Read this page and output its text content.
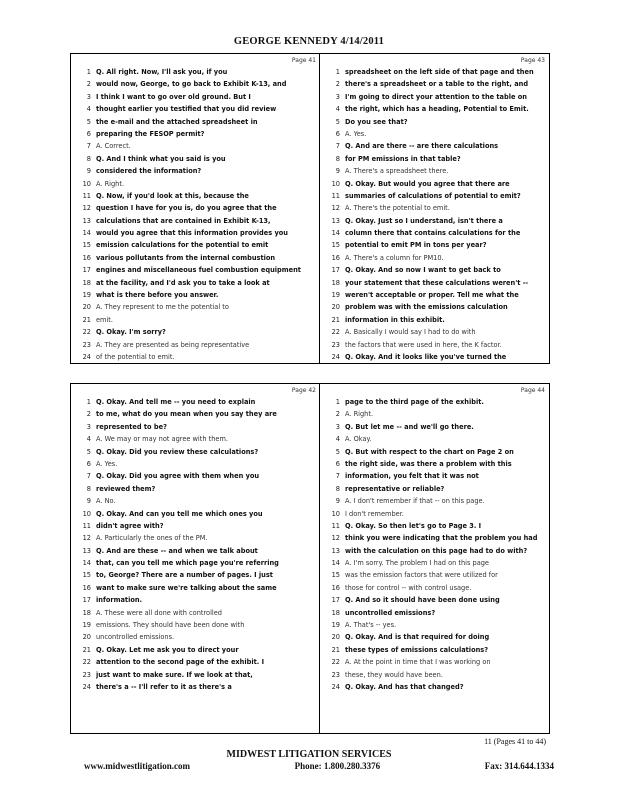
GEORGE KENNEDY 4/14/2011
Page 41
1 Q. All right. Now, I'll ask you, if you
2 would now, George, to go back to Exhibit K-13, and
3 I think I want to go over old ground. But I
4 thought earlier you testified that you did review
5 the e-mail and the attached spreadsheet in
6 preparing the FESOP permit?
7 A. Correct.
8 Q. And I think what you said is you
9 considered the information?
10 A. Right.
11 Q. Now, if you'd look at this, because the
12 question I have for you is, do you agree that the
13 calculations that are contained in Exhibit K-13,
14 would you agree that this information provides you
15 emission calculations for the potential to emit
16 various pollutants from the internal combustion
17 engines and miscellaneous fuel combustion equipment
18 at the facility, and I'd ask you to take a look at
19 what is there before you answer.
20 A. They represent to me the potential to
21 emit.
22 Q. Okay. I'm sorry?
23 A. They are presented as being representative
24 of the potential to emit.
Page 43
1 spreadsheet on the left side of that page and then
2 there's a spreadsheet or a table to the right, and
3 I'm going to direct your attention to the table on
4 the right, which has a heading, Potential to Emit.
5 Do you see that?
6 A. Yes.
7 Q. And are there -- are there calculations
8 for PM emissions in that table?
9 A. There's a spreadsheet there.
10 Q. Okay. But would you agree that there are
11 summaries of calculations of potential to emit?
12 A. There's the potential to emit.
13 Q. Okay. Just so I understand, isn't there a
14 column there that contains calculations for the
15 potential to emit PM in tons per year?
16 A. There's a column for PM10.
17 Q. Okay. And so now I want to get back to
18 your statement that these calculations weren't --
19 weren't acceptable or proper. Tell me what the
20 problem was with the emissions calculation
21 information in this exhibit.
22 A. Basically I would say I had to do with
23 the factors that were used in here, the K factor.
24 Q. Okay. And it looks like you've turned the
Page 42
1 Q. Okay. And tell me -- you need to explain
2 to me, what do you mean when you say they are
3 represented to be?
4 A. We may or may not agree with them.
5 Q. Okay. Did you review these calculations?
6 A. Yes.
7 Q. Okay. Did you agree with them when you
8 reviewed them?
9 A. No.
10 Q. Okay. And can you tell me which ones you
11 didn't agree with?
12 A. Particularly the ones of the PM.
13 Q. And are these -- and when we talk about
14 that, can you tell me which page you're referring
15 to, George? There are a number of pages. I just
16 want to make sure we're talking about the same
17 information.
18 A. These were all done with controlled
19 emissions. They should have been done with
20 uncontrolled emissions.
21 Q. Okay. Let me ask you to direct your
22 attention to the second page of the exhibit. I
23 just want to make sure. If we look at that,
24 there's a -- I'll refer to it as there's a
Page 44
1 page to the third page of the exhibit.
2 A. Right.
3 Q. But let me -- and we'll go there.
4 A. Okay.
5 Q. But with respect to the chart on Page 2 on
6 the right side, was there a problem with this
7 information, you felt that it was not
8 representative or reliable?
9 A. I don't remember if that -- on this page.
10 I don't remember.
11 Q. Okay. So then let's go to Page 3. I
12 think you were indicating that the problem you had
13 with the calculation on this page had to do with?
14 A. I'm sorry. The problem I had on this page
15 was the emission factors that were utilized for
16 those for control -- with control usage.
17 Q. And so it should have been done using
18 uncontrolled emissions?
19 A. That's -- yes.
20 Q. Okay. And is that required for doing
21 these types of emissions calculations?
22 A. At the point in time that I was working on
23 these, they would have been.
24 Q. Okay. And has that changed?
11 (Pages 41 to 44)
MIDWEST LITIGATION SERVICES
www.midwestlitigation.com	Phone: 1.800.280.3376	Fax: 314.644.1334
